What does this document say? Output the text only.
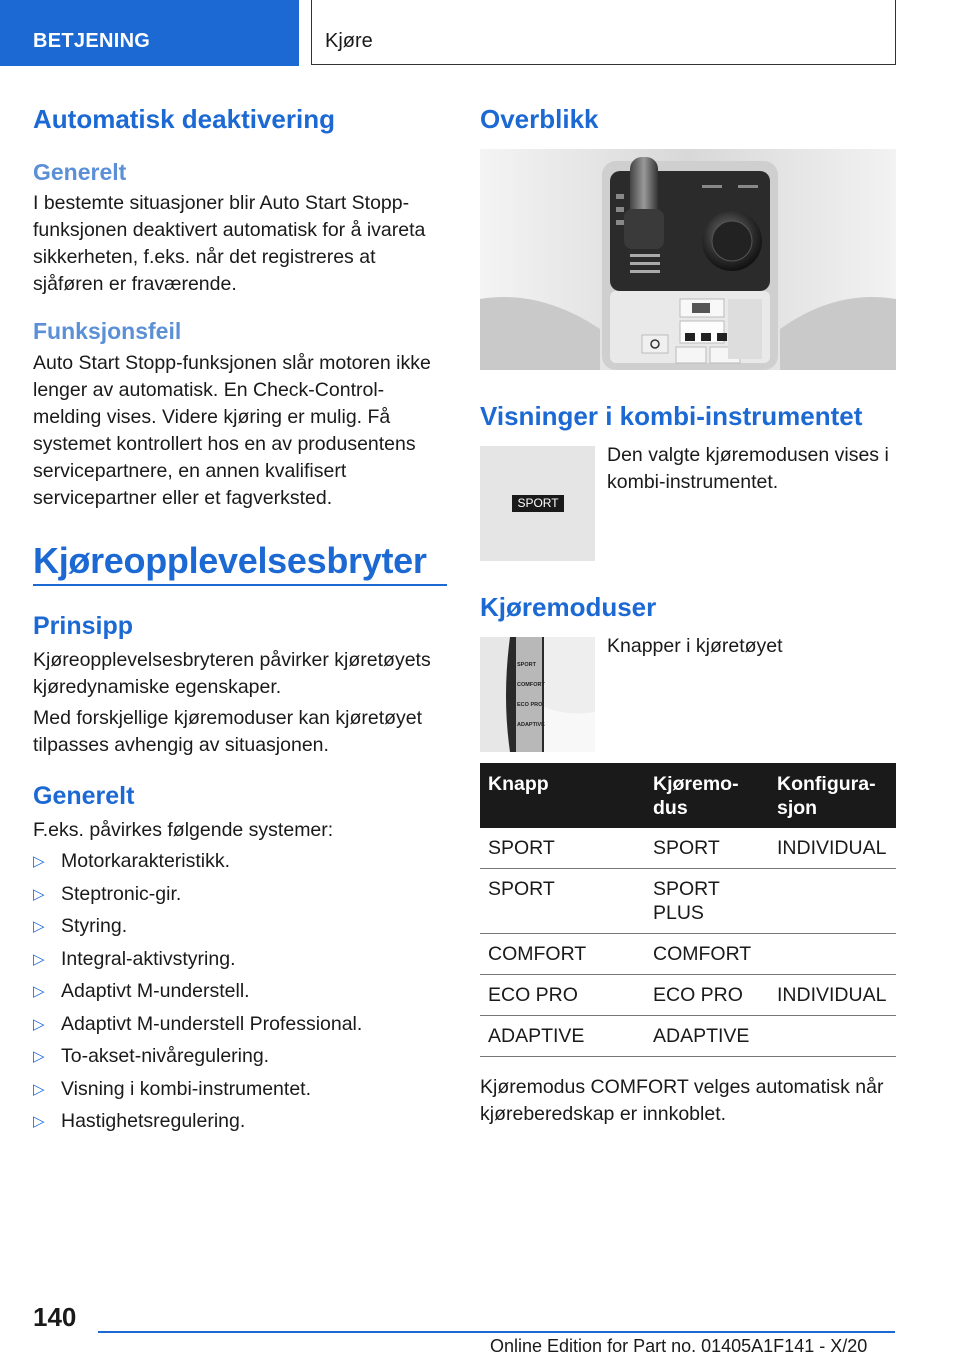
BETJENING	Kjøre
Automatisk deaktivering
Generelt

I bestemte situasjoner blir Auto Start Stopp-funksjonen deaktivert automatisk for å ivareta sikkerheten, f.eks. når det registreres at sjåføren er fraværende.

Funksjonsfeil

Auto Start Stopp-funksjonen slår motoren ikke lenger av automatisk. En Check-Control-melding vises. Videre kjøring er mulig. Få systemet kontrollert hos en av produsentens servicepartnere, en annen kvalifisert servicepartner eller et fagverksted.

Kjøreopplevelsesbryter
Prinsipp

Kjøreopplevelsesbryteren påvirker kjøretøyets kjøredynamiske egenskaper.

Med forskjellige kjøremoduser kan kjøretøyet tilpasses avhengig av situasjonen.

Generelt

F.eks. påvirkes følgende systemer:

▷ Motorkarakteristikk.
▷ Steptronic-gir.
▷ Styring.
▷ Integral-aktivstyring.
▷ Adaptivt M-understell.
▷ Adaptivt M-understell Professional.
▷ To-akset-nivåregulering.
▷ Visning i kombi-instrumentet.
▷ Hastighetsregulering.
Overblikk
Visninger i kombi-instrumentet
SPORT

Den valgte kjøremodusen vises i kombi-instrumentet.

Kjøremoduser
SPORT
COMFORT
ECO PRO
ADAPTIVE

Knapper i kjøretøyet

Knapp	Kjøremodus	Konfigurasjon
SPORT	SPORT	INDIVIDUAL
SPORT	SPORT PLUS	
COMFORT	COMFORT	
ECO PRO	ECO PRO	INDIVIDUAL
ADAPTIVE	ADAPTIVE	

Kjøremodus COMFORT velges automatisk når kjøreberedskap er innkoblet.

140
Online Edition for Part no. 01405A1F141 - X/20
